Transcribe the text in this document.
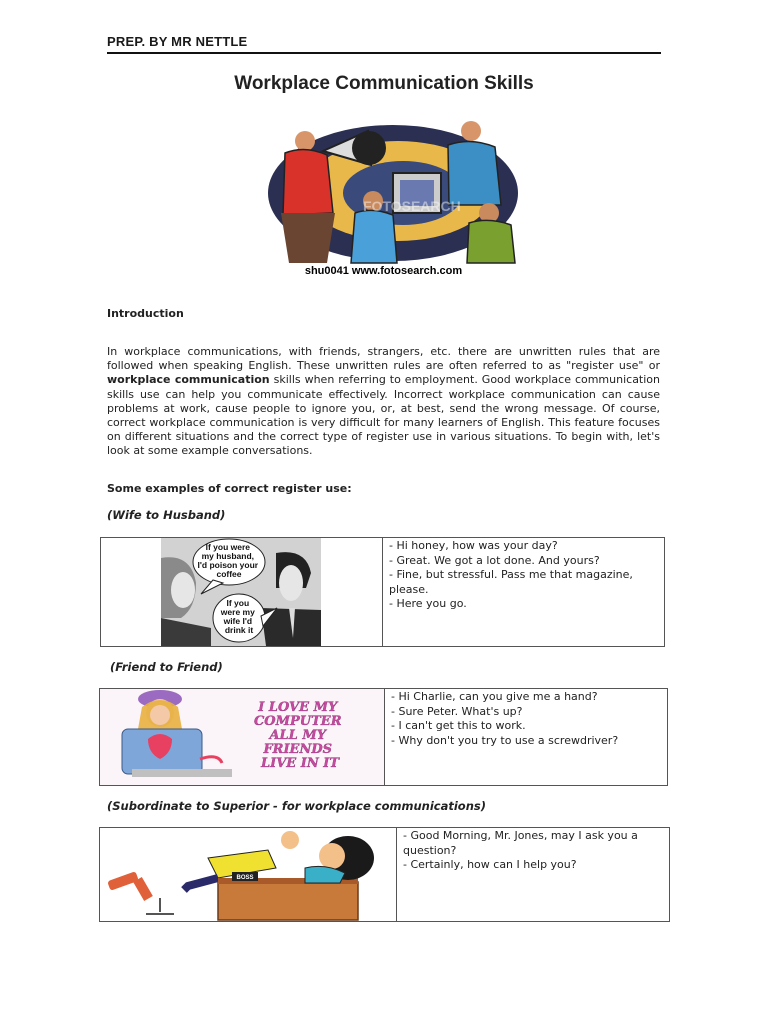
PREP. BY MR NETTLE
Workplace Communication Skills
FOTOSEARCH
shu0041 www.fotosearch.com
Introduction
In workplace communications, with friends, strangers, etc. there are unwritten rules that are followed when speaking English. These unwritten rules are often referred to as "register use" or workplace communication skills when referring to employment. Good workplace communication skills use can help you communicate effectively. Incorrect workplace communication can cause problems at work, cause people to ignore you, or, at best, send the wrong message. Of course, correct workplace communication is very difficult for many learners of English. This feature focuses on different situations and the correct type of register use in various situations. To begin with, let's look at some example conversations.
Some examples of correct register use:
(Wife to Husband)
If you were my husband, I'd poison your coffee
If you were my wife I'd drink it
- Hi honey, how was your day?
- Great. We got a lot done. And yours?
- Fine, but stressful. Pass me that magazine, please.
- Here you go.
(Friend to Friend)
I LOVE MY COMPUTER ALL MY FRIENDS LIVE IN IT
- Hi Charlie, can you give me a hand?
- Sure Peter. What's up?
- I can't get this to work.
- Why don't you try to use a screwdriver?
(Subordinate to Superior - for workplace communications)
BOSS
- Good Morning, Mr. Jones, may I ask you a question?
- Certainly, how can I help you?
